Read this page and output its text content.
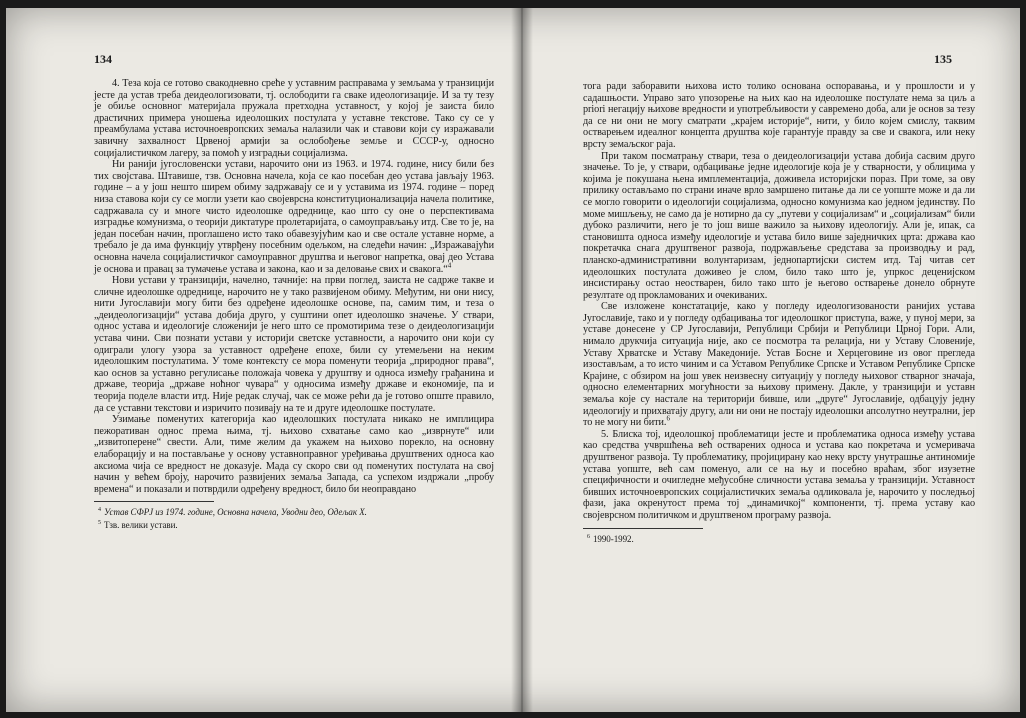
134

4. Теза која се готово свакодневно среће у уставним расправама у земљама у транзицији јесте да устав треба деидеологизовати, тј. ослободити га сваке идеологизације. И за ту тезу је обиље основног материјала пружала претходна уставност, у којој је заиста било драстичних примера уношења идеолошких постулата у уставне текстове. Тако су се у преамбулама устава источноевропских земаља налазили чак и ставови који су изражавали завичну захвалност Црвеној армији за ослобођење земље и СССР-у, односно социјалистичком лагеру, за помоћ у изградњи социјализма.

Ни ранији југословенски устави, нарочито они из 1963. и 1974. године, нису били без тих својстава. Штавише, тзв. Основна начела, која се као посебан део устава јављају 1963. године – а у још нешто ширем обиму задржавају се и у уставима из 1974. године – поред низа ставова који су се могли узети као својеврсна конституционализација начела политике, садржавала су и многе чисто идеолошке одреднице, као што су оне о перспективама изградње комунизма, о теорији диктатуре пролетаријата, о самоуправљању итд. Све то је, на један посебан начин, проглашено исто тако обавезујућим као и све остале уставне норме, а требало је да има функцију утврђену посебним одељком, на следећи начин: „Изражавајући основна начела социјалистичког самоуправног друштва и његовог напретка, овај део Устава је основа и правац за тумачење устава и закона, као и за деловање свих и свакога.“$^4$

Нови устави у транзицији, начелно, тачније: на први поглед, заиста не садрже такве и сличне идеолошке одреднице, нарочито не у тако развијеном обиму. Међутим, ни они нису, нити Југославији могу бити без одређене идеолошке основе, па, самим тим, и теза о „деидеологизацији“ устава добија друго, у суштини опет идеолошко значење. У ствари, однос устава и идеологије сложенији је него што се промотирима тезе о деидеологизацији устава чини. Сви познати устави у историји светске уставности, а нарочито они који су одиграли улогу узора за уставност одређене епохе, били су утемељени на неким идеолошким постулатима. У томе контексту се мора поменути теорија „природног права“, као основ за уставно регулисање положаја човека у друштву и односа између грађанина и државе, теорија „државе ноћног чувара“ у односима између државе и економије, па и теорија поделе власти итд. Није редак случај, чак се може рећи да је готово опште правило, да се уставни текстови и изричито позивају на те и друге идеолошке постулате.

Узимање поменутих категорија као идеолошких постулата никако не имплицира пежоративан однос према њима, тј. њихово схватање само као „изврнуте“ или „извитоперене“ свести. Али, тиме желим да укажем на њихово порекло, на основну елаборацију и на постављање у основу уставноправног уређивања друштвених односа као аксиома чија се вредност не доказује. Мада су скоро сви од поменутих постулата на свој начин у већем броју, нарочито развијених земаља Запада, са успехом издржали „пробу времена“ и показали и потврдили одређену вредност, било би неоправдано

$^4$ Устав СФРЈ из 1974. године, Основна начела, Уводни део, Одељак X.
$^5$ Тзв. велики устави.
135

тога ради заборавити њихова исто толико основана оспоравања, и у прошлости и у садашњости. Управо зато упозорење на њих као на идеолошке постулате нема за циљ а priori негацију њихове вредности и употребљивости у савремено доба, али је основ за тезу да се ни они не могу сматрати „крајем историје“, нити, у било којем смислу, таквим остварењем идеалног концепта друштва које гарантује правду за све и свакога, или неку врсту земаљског раја.

При таком посматрању ствари, теза о деидеологизацији устава добија сасвим друго значење. То је, у ствари, одбацивање једне идеологије која је у стварности, у облицима у којима је покушана њена имплементација, доживела историјски пораз. При томе, за ову прилику остављамо по страни иначе врло замршено питање да ли се уопште може и да ли се могло говорити о идеологији социјализма, односно комунизма као једном јединству. По моме мишљењу, не само да је нотирно да су „путеви у социјализам“ и „социјализам“ били дубоко различити, него је то још више важило за њихову идеологију. Али је, ипак, са становишта односа између идеологије и устава било више заједничких црта: држава као покретачка снага друштвеног развоја, подржављење средстава за производњу и рад, планско-административни волунтаризам, једнопартијски систем итд. Тај читав сет идеолошких постулата доживео је слом, било тако што је, упркос деценијском инсистирању остао неостварен, било тако што је његово остварење донело обрнуте резултате од прокламованих и очекиваних.

Све изложене констатације, како у погледу идеологизованости ранијих устава Југославије, тако и у погледу одбацивања тог идеолошког приступа, важе, у пуној мери, за уставе донесене у СР Југославији, Републици Србији и Републици Црној Гори. Али, нимало друкчија ситуација није, ако се посмотра та релација, ни у Уставу Словеније, Уставу Хрватске и Уставу Македоније. Устав Босне и Херцеговине из овог прегледа изостављам, а то исто чиним и са Уставом Републике Српске и Уставом Републике Српске Крајине, с обзиром на још увек неизвесну ситуацију у погледу њиховог стварног значаја, односно елементарних могућности за њихову примену. Дакле, у транзицији и уставн земаља које су настале на територији бивше, или „друге“ Југославије, одбацују једну идеологију и прихватају другу, али ни они не постају идеолошки апсолутно неутрални, јер то не могу ни бити.$^6$

5. Блиска тој, идеолошкој проблематици јесте и проблематика односа између устава као средства учвршћења већ остварених односа и устава као покретача и усмеривача друштвеног развоја. Ту проблематику, пројицирану као неку врсту унутрашње антиномије устава уопште, већ сам поменуо, али се на њу и посебно враћам, због изузетне специфичности и очигледне међусобне сличности устава земаља у транзицији. Уставност бивших источноевропских социјалистичких земаља одликовала је, нарочито у последњој фази, јака окренутост према тој „динамичкој“ компоненти, тј. према уставу као својеврсном политичком и друштвеном програму развоја.

$^6$ 1990-1992.
